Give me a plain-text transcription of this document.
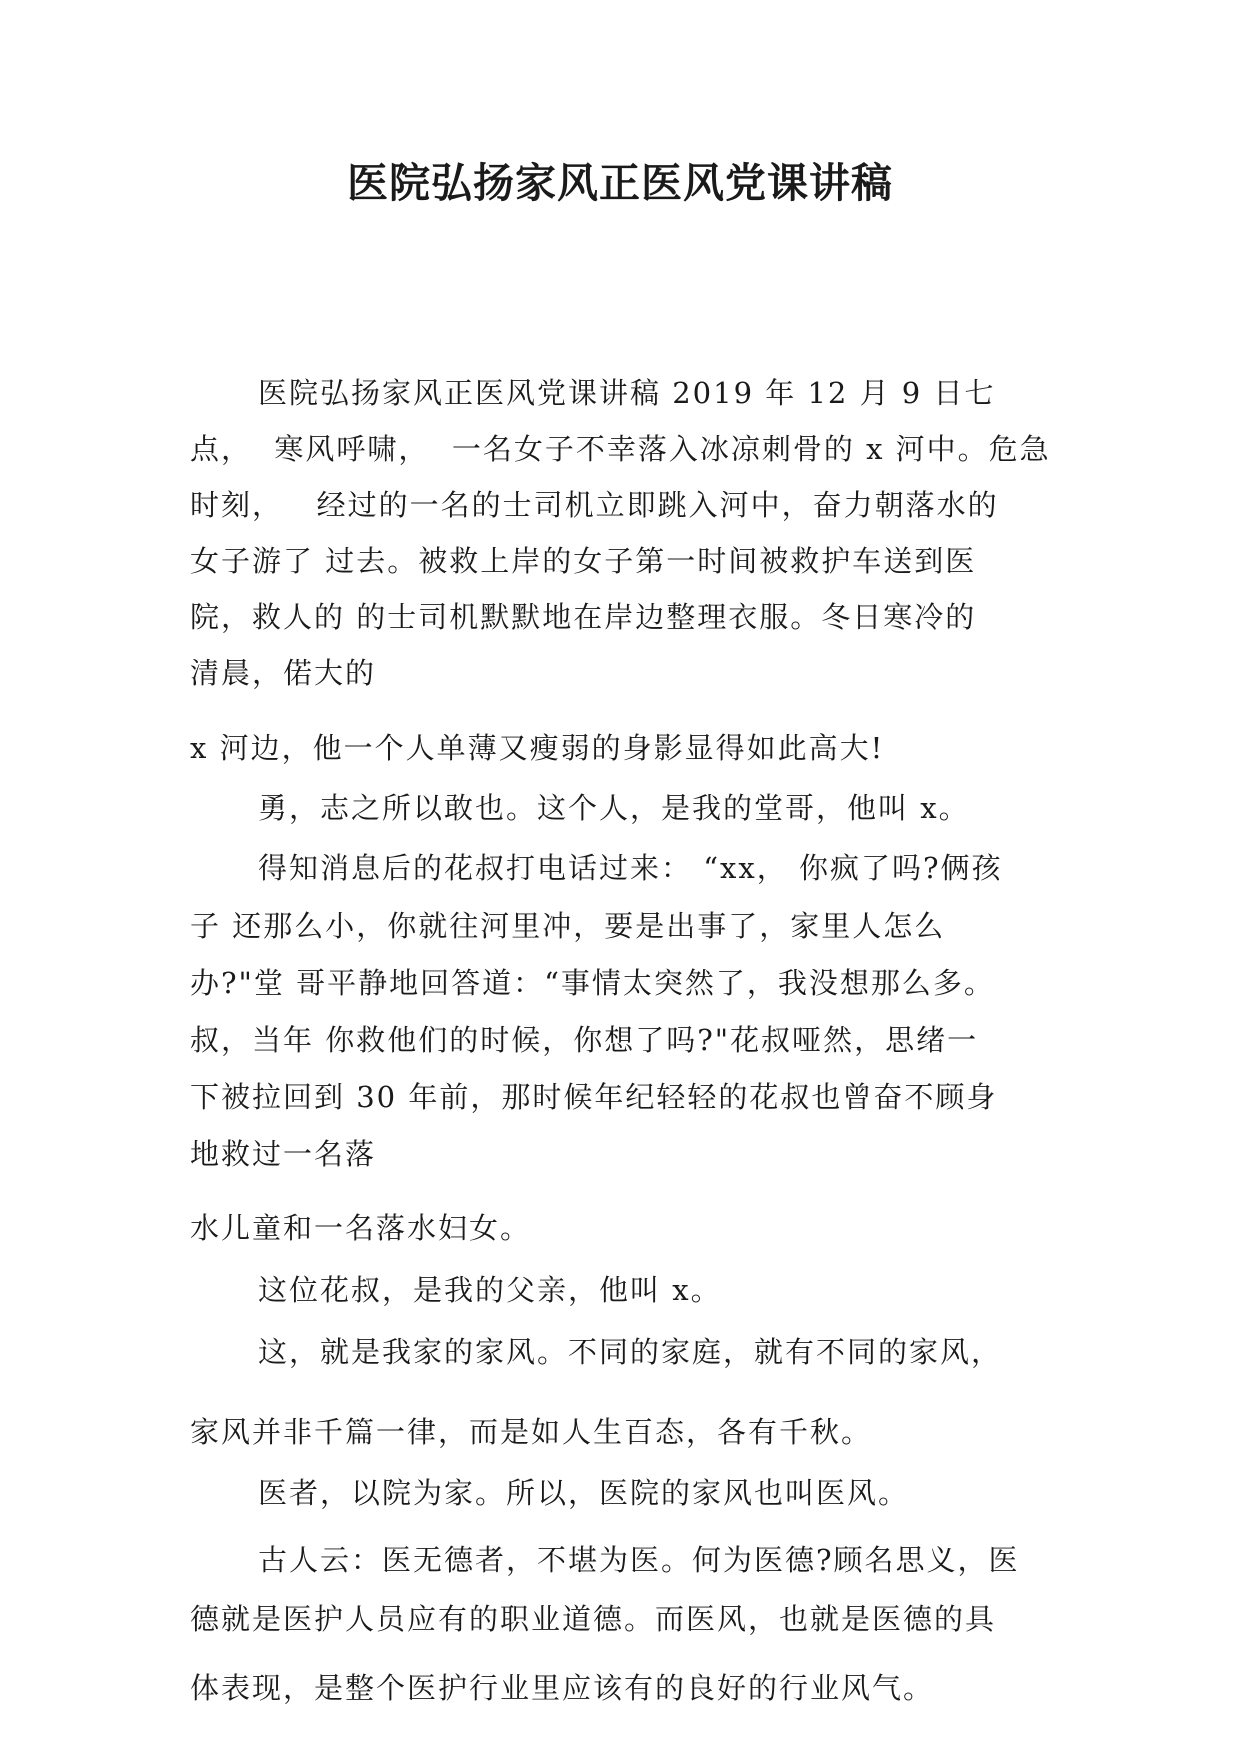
医院弘扬家风正医风党课讲稿

医院弘扬家风正医风党课讲稿 2019 年 12 月 9 日七

点，  寒风呼啸，  一名女子不幸落入冰凉刺骨的 x 河中。危急

时刻，   经过的一名的士司机立即跳入河中，奋力朝落水的

女子游了 过去。被救上岸的女子第一时间被救护车送到医

院，救人的 的士司机默默地在岸边整理衣服。冬日寒冷的

清晨，偌大的

x 河边，他一个人单薄又瘦弱的身影显得如此高大!

勇，志之所以敢也。这个人，是我的堂哥，他叫 x。

得知消息后的花叔打电话过来： “xx， 你疯了吗?俩孩

子 还那么小，你就往河里冲，要是出事了，家里人怎么

办?"堂 哥平静地回答道：“事情太突然了，我没想那么多。

叔，当年 你救他们的时候，你想了吗?"花叔哑然，思绪一

下被拉回到 30 年前，那时候年纪轻轻的花叔也曾奋不顾身

地救过一名落

水儿童和一名落水妇女。

这位花叔，是我的父亲，他叫 x。

这，就是我家的家风。不同的家庭，就有不同的家风，

家风并非千篇一律，而是如人生百态，各有千秋。

医者，以院为家。所以，医院的家风也叫医风。

古人云：医无德者，不堪为医。何为医德?顾名思义，医

德就是医护人员应有的职业道德。而医风，也就是医德的具

体表现，是整个医护行业里应该有的良好的行业风气。
